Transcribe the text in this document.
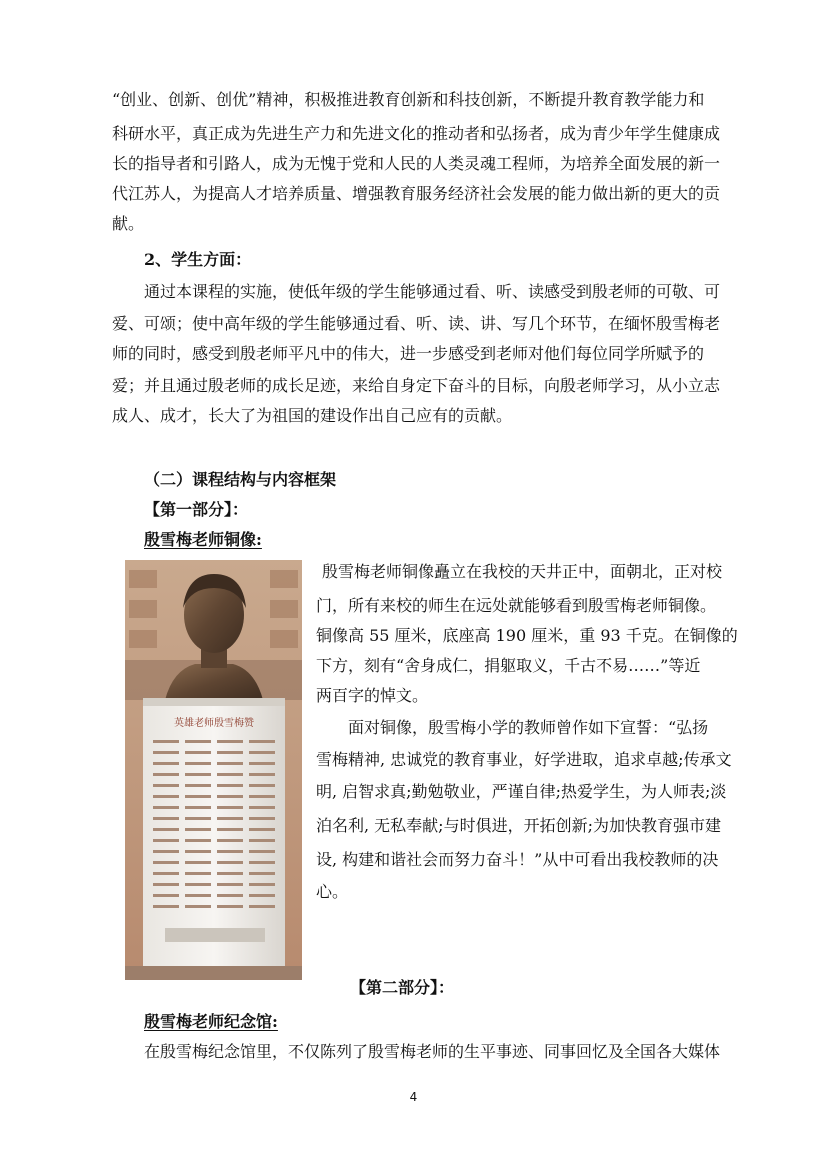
“创业、创新、创优”精神，积极推进教育创新和科技创新，不断提升教育教学能力和
科研水平，真正成为先进生产力和先进文化的推动者和弘扬者，成为青少年学生健康成
长的指导者和引路人，成为无愧于党和人民的人类灵魂工程师，为培养全面发展的新一
代江苏人，为提高人才培养质量、增强教育服务经济社会发展的能力做出新的更大的贡
献。
2、学生方面：
通过本课程的实施，使低年级的学生能够通过看、听、读感受到殷老师的可敬、可
爱、可颂；使中高年级的学生能够通过看、听、读、讲、写几个环节，在缅怀殷雪梅老
师的同时，感受到殷老师平凡中的伟大，进一步感受到老师对他们每位同学所赋予的
爱；并且通过殷老师的成长足迹，来给自身定下奋斗的目标，向殷老师学习，从小立志
成人、成才，长大了为祖国的建设作出自己应有的贡献。
（二）课程结构与内容框架
【第一部分】：
殷雪梅老师铜像:
英雄老师殷雪梅赞
殷雪梅老师铜像矗立在我校的天井正中，面朝北，正对校
门，所有来校的师生在远处就能够看到殷雪梅老师铜像。
铜像高 55 厘米，底座高 190 厘米，重 93 千克。在铜像的
下方，刻有“舍身成仁，捐躯取义，千古不易……”等近
两百字的悼文。
面对铜像，殷雪梅小学的教师曾作如下宣誓：“弘扬
雪梅精神, 忠诚党的教育事业，好学进取，追求卓越;传承文
明, 启智求真;勤勉敬业，严谨自律;热爱学生，为人师表;淡
泊名利, 无私奉献;与时俱进，开拓创新;为加快教育强市建
设, 构建和谐社会而努力奋斗！”从中可看出我校教师的决
心。
【第二部分】：
殷雪梅老师纪念馆:
在殷雪梅纪念馆里，不仅陈列了殷雪梅老师的生平事迹、同事回忆及全国各大媒体
4
